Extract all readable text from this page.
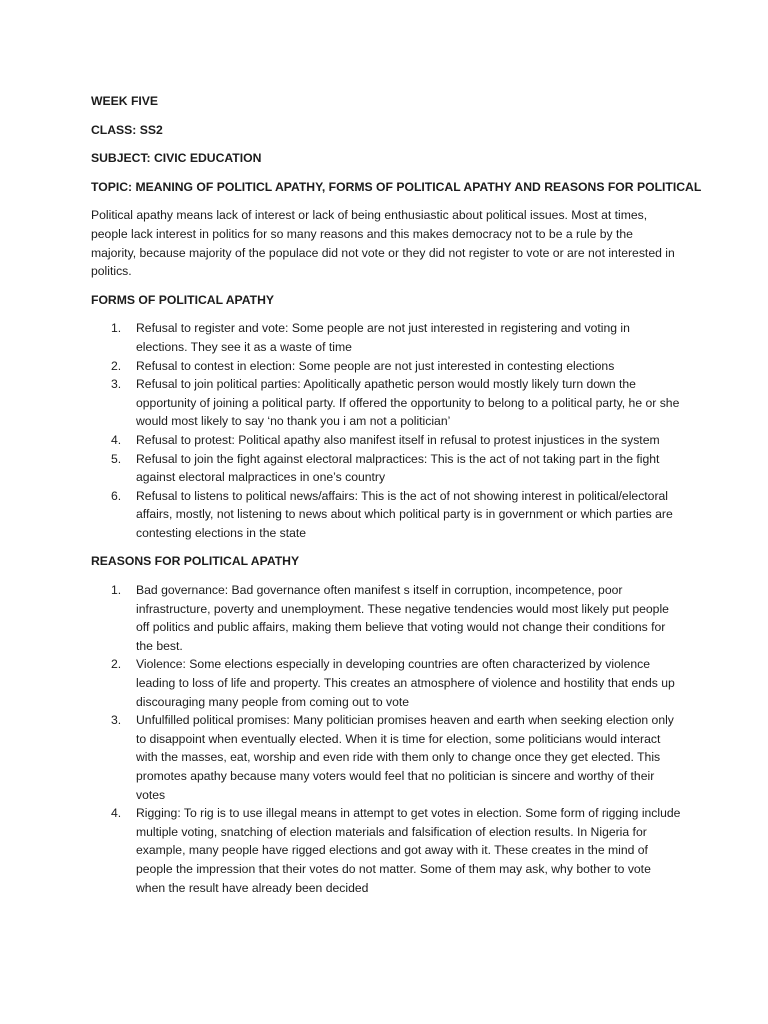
WEEK FIVE
CLASS: SS2
SUBJECT: CIVIC EDUCATION
TOPIC: MEANING OF POLITICL APATHY, FORMS OF POLITICAL APATHY AND REASONS FOR POLITICAL

Political apathy means lack of interest or lack of being enthusiastic about political issues. Most at times, people lack interest in politics for so many reasons and this makes democracy not to be a rule by the majority, because majority of the populace did not vote or they did not register to vote or are not interested in politics.

FORMS OF POLITICAL APATHY
1. Refusal to register and vote: Some people are not just interested in registering and voting in elections. They see it as a waste of time
2. Refusal to contest in election: Some people are not just interested in contesting elections
3. Refusal to join political parties: Apolitically apathetic person would mostly likely turn down the opportunity of joining a political party. If offered the opportunity to belong to a political party, he or she would most likely to say ‘no thank you i am not a politician’
4. Refusal to protest: Political apathy also manifest itself in refusal to protest injustices in the system
5. Refusal to join the fight against electoral malpractices: This is the act of not taking part in the fight against electoral malpractices in one’s country
6. Refusal to listens to political news/affairs: This is the act of not showing interest in political/electoral affairs, mostly, not listening to news about which political party is in government or which parties are contesting elections in the state
REASONS FOR POLITICAL APATHY
1. Bad governance: Bad governance often manifest s itself in corruption, incompetence, poor infrastructure, poverty and unemployment. These negative tendencies would most likely put people off politics and public affairs, making them believe that voting would not change their conditions for the best.
2. Violence: Some elections especially in developing countries are often characterized by violence leading to loss of life and property. This creates an atmosphere of violence and hostility that ends up discouraging many people from coming out to vote
3. Unfulfilled political promises: Many politician promises heaven and earth when seeking election only to disappoint when eventually elected. When it is time for election, some politicians would interact with the masses, eat, worship and even ride with them only to change once they get elected. This promotes apathy because many voters would feel that no politician is sincere and worthy of their votes
4. Rigging: To rig is to use illegal means in attempt to get votes in election. Some form of rigging include multiple voting, snatching of election materials and falsification of election results. In Nigeria for example, many people have rigged elections and got away with it. These creates in the mind of people the impression that their votes do not matter. Some of them may ask, why bother to vote when the result have already been decided
